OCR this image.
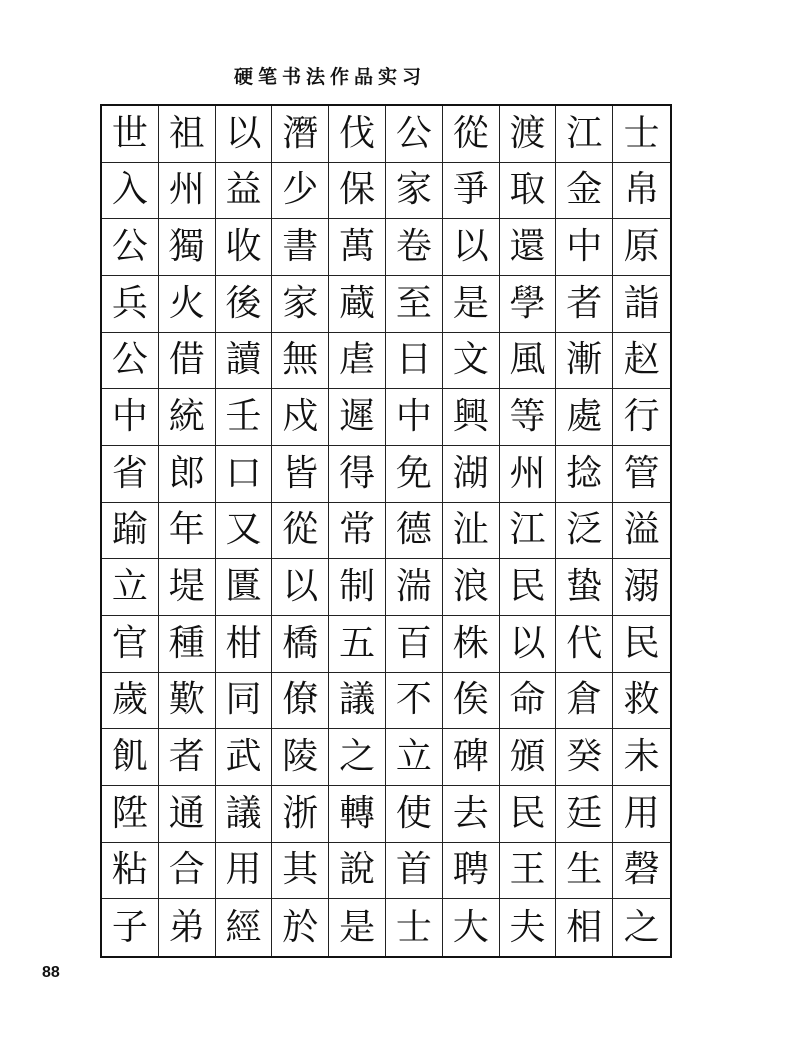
硬笔书法作品实习
世 祖 以 潛 伐 公 從 渡 江 士
入 州 益 少 保 家 爭 取 金 帛
公 獨 收 書 萬 卷 以 還 中 原
兵 火 後 家 蔵 至 是 學 者 詣
公 借 讀 無 虐 日 文 風 漸 赵
中 統 壬 戍 遲 中 興 等 處 行
省 郎 口 皆 得 免 湖 州 捻 管
踰 年 又 從 常 德 沚 江 泛 溢
立 堤 匱 以 制 湍 浪 民 蛰 溺
官 種 柑 橋 五 百 株 以 代 民
歲 歎 同 僚 議 不 俟 命 倉 救
飢 者 武 陵 之 立 碑 頒 癸 未
陞 通 議 浙 轉 使 去 民 廷 用
粘 合 用 其 說 首 聘 王 生 磬
子 弟 經 於 是 士 大 夫 相 之
88
